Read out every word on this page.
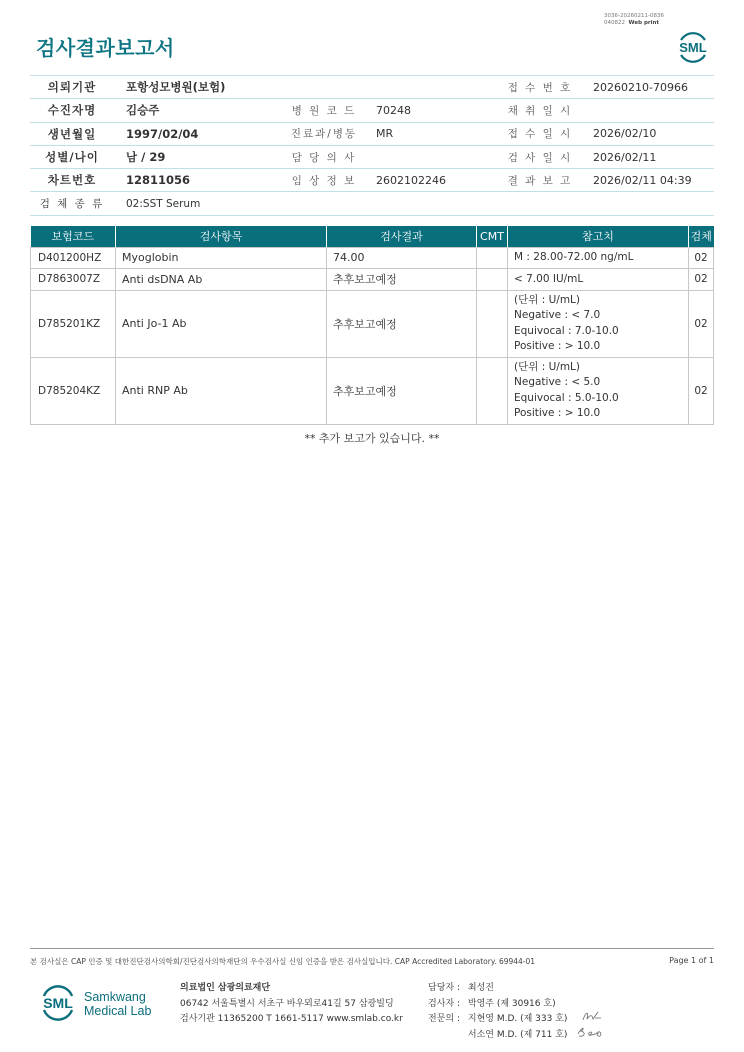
3036-20260211-0836
040822 Web print
검사결과보고서	SML
의뢰기관	포항성모병원(보험)			접 수 번 호	20260210-70966
수진자명	김승주	병 원 코 드	70248	채 취 일 시	
생년월일	1997/02/04	진료과/병동	MR	접 수 일 시	2026/02/10
성별/나이	남 / 29	담 당 의 사		검 사 일 시	2026/02/11
차트번호	12811056	임 상 정 보	2602102246	결 과 보 고	2026/02/11 04:39
검 체 종 류	02:SST Serum				
보험코드	검사항목	검사결과	CMT	참고치	검체
D401200HZ	Myoglobin	74.00		M : 28.00-72.00 ng/mL	02
D7863007Z	Anti dsDNA Ab	추후보고예정		< 7.00 IU/mL	02
D785201KZ	Anti Jo-1 Ab	추후보고예정		(단위 : U/mL)
Negative : < 7.0
Equivocal : 7.0-10.0
Positive : > 10.0	02
D785204KZ	Anti RNP Ab	추후보고예정		(단위 : U/mL)
Negative : < 5.0
Equivocal : 5.0-10.0
Positive : > 10.0	02
** 추가 보고가 있습니다. **
본 검사실은 CAP 인증 및 대한진단검사의학회/진단검사의학재단의 우수검사실 신임 인증을 받은 검사실입니다. CAP Accredited Laboratory. 69944-01	Page 1 of 1
SML Samkwang
Medical Lab
의료법인 삼광의료재단
06742 서울특별시 서초구 바우뫼로41길 57 삼광빌딩
검사기관 11365200 T 1661-5117 www.smlab.co.kr
담당자 : 최성진
검사자 : 박영주 (제 30916 호)
전문의 : 지현영 M.D. (제 333 호)
서소연 M.D. (제 711 호)
